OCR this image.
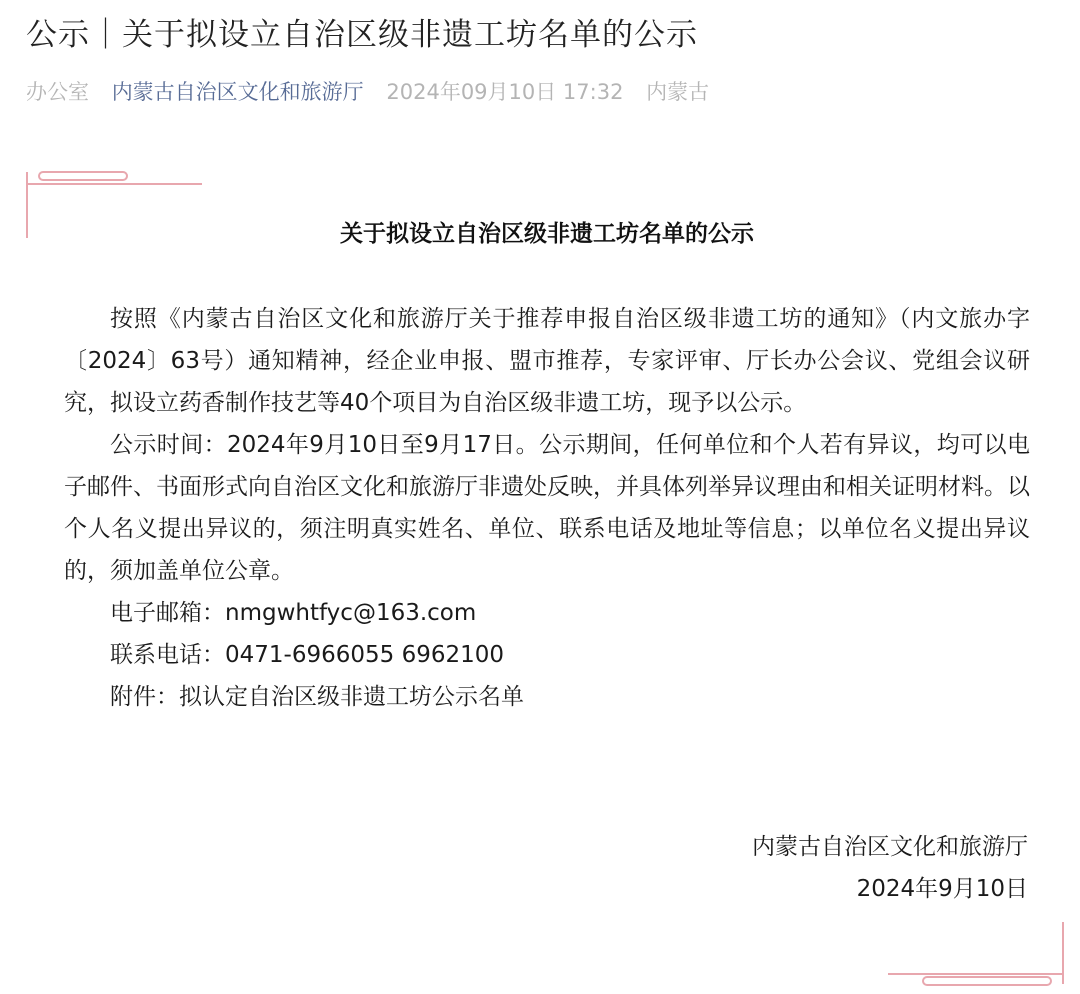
公示｜关于拟设立自治区级非遗工坊名单的公示
办公室 内蒙古自治区文化和旅游厅 2024年09月10日 17:32 内蒙古
关于拟设立自治区级非遗工坊名单的公示

按照《内蒙古自治区文化和旅游厅关于推荐申报自治区级非遗工坊的通知》（内文旅办字〔2024〕63号）通知精神，经企业申报、盟市推荐，专家评审、厅长办公会议、党组会议研究，拟设立药香制作技艺等40个项目为自治区级非遗工坊，现予以公示。

公示时间：2024年9月10日至9月17日。公示期间，任何单位和个人若有异议，均可以电子邮件、书面形式向自治区文化和旅游厅非遗处反映，并具体列举异议理由和相关证明材料。以个人名义提出异议的，须注明真实姓名、单位、联系电话及地址等信息；以单位名义提出异议的，须加盖单位公章。

电子邮箱：nmgwhtfyc@163.com
联系电话：0471-6966055 6962100
附件：拟认定自治区级非遗工坊公示名单
内蒙古自治区文化和旅游厅
2024年9月10日
